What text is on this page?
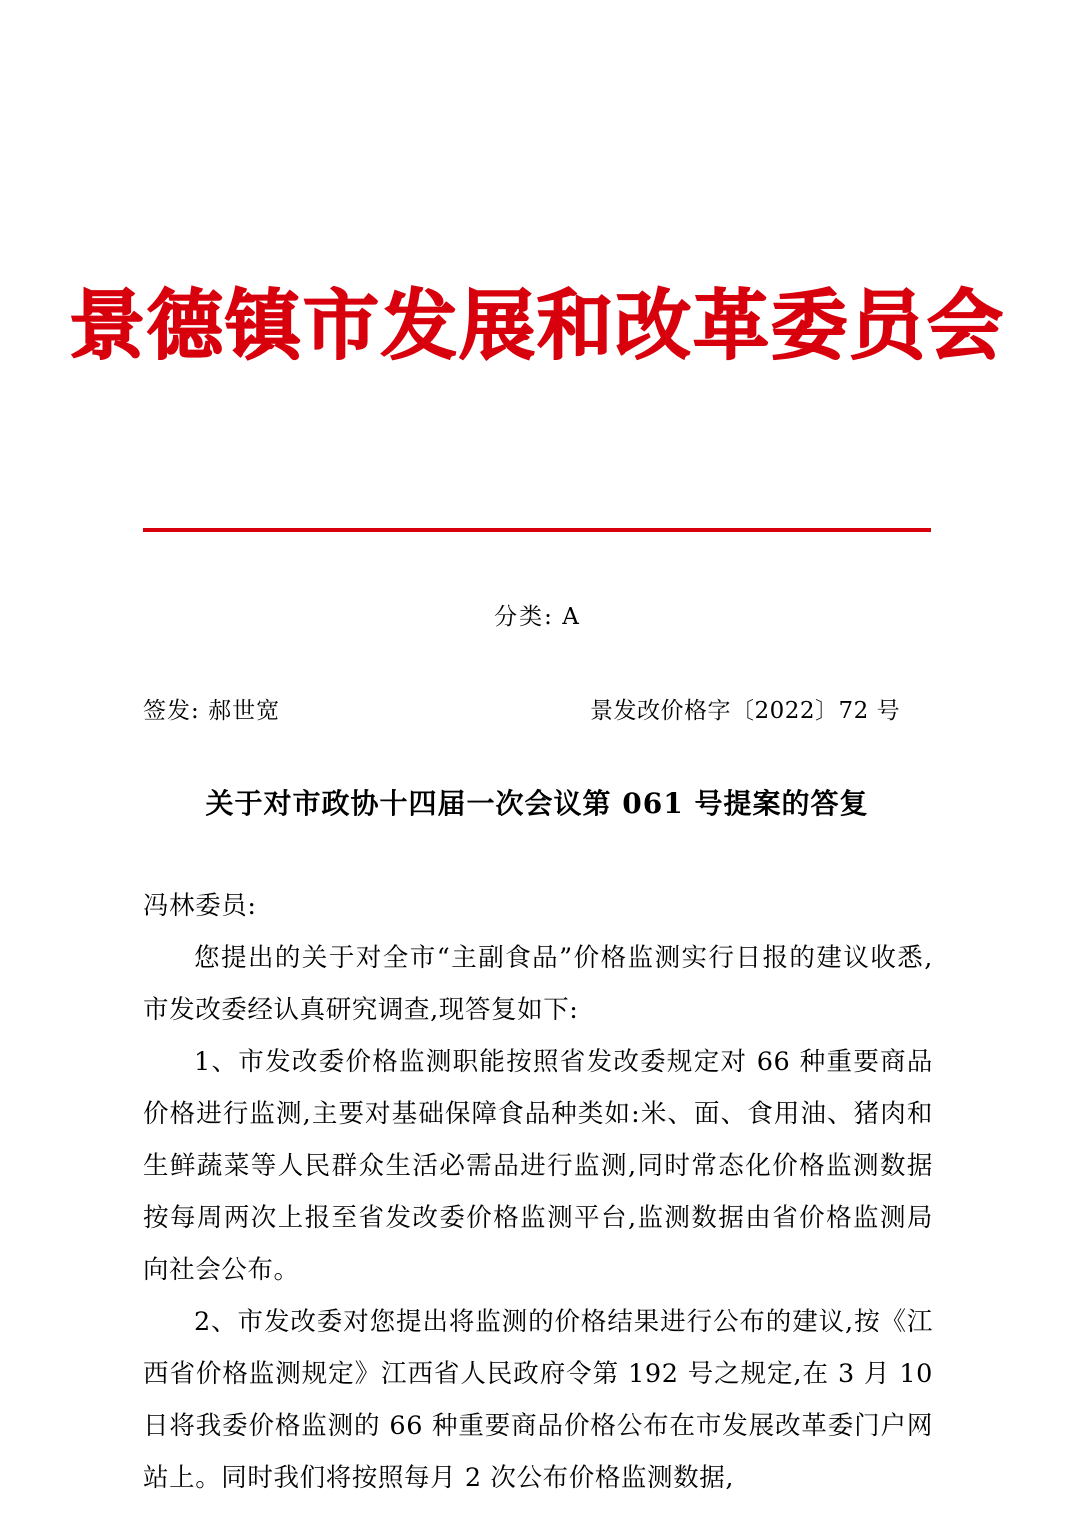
景德镇市发展和改革委员会
分类: A
签发: 郝世宽	景发改价格字〔2022〕72 号
关于对市政协十四届一次会议第 061 号提案的答复

冯林委员:

您提出的关于对全市“主副食品”价格监测实行日报的建议收悉,市发改委经认真研究调查,现答复如下:

1、市发改委价格监测职能按照省发改委规定对 66 种重要商品价格进行监测,主要对基础保障食品种类如:米、面、食用油、猪肉和生鲜蔬菜等人民群众生活必需品进行监测,同时常态化价格监测数据按每周两次上报至省发改委价格监测平台,监测数据由省价格监测局向社会公布。

2、市发改委对您提出将监测的价格结果进行公布的建议,按《江西省价格监测规定》江西省人民政府令第 192 号之规定,在 3 月 10 日将我委价格监测的 66 种重要商品价格公布在市发展改革委门户网站上。同时我们将按照每月 2 次公布价格监测数据,
